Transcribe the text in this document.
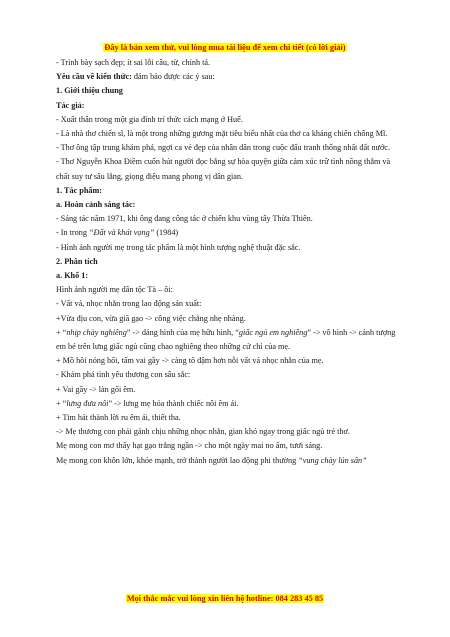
Đây là bản xem thử, vui lòng mua tài liệu để xem chi tiết (có lời giải)

- Trình bày sạch đẹp; ít sai lỗi câu, từ, chính tả.

Yêu cầu về kiến thức: đảm bảo được các ý sau:

1. Giới thiệu chung

Tác giả:

- Xuất thân trong một gia đình trí thức cách mạng ở Huế.

- Là nhà thơ chiến sĩ, là một trong những gương mặt tiêu biểu nhất của thơ ca kháng chiến chống Mĩ.

- Thơ ông tập trung khám phá, ngợi ca vẻ đẹp của nhân dân trong cuộc đấu tranh thống nhất đất nước.

- Thơ Nguyễn Khoa Điềm cuốn hút người đọc bằng sự hòa quyện giữa cảm xúc trữ tình nồng thắm và chất suy tư sâu lắng, giọng điệu mang phong vị dân gian.

1. Tác phẩm:

a. Hoàn cảnh sáng tác:

- Sáng tác năm 1971, khi ông đang công tác ở chiến khu vùng tây Thừa Thiên.

- In trong “Đất và khát vọng” (1984)

- Hình ảnh người mẹ trong tác phẩm là một hình tượng nghệ thuật đặc sắc.

2. Phân tích

a. Khổ 1:

Hình ảnh người mẹ dân tộc Tà – ôi:

- Vất vả, nhọc nhằn trong lao động sản xuất:

+Vừa địu con, vừa giã gạo -> công việc chẳng nhẹ nhàng.

+ “nhịp chày nghiêng” -> dáng hình của mẹ hữu hình, “giấc ngủ em nghiêng” -> vô hình -> cảnh tượng em bé trên lưng giấc ngủ cũng chao nghiêng theo những cử chỉ của mẹ.

+ Mồ hôi nóng hổi, tấm vai gầy -> càng tô đậm hơn nỗi vất vả nhọc nhằn của mẹ.

- Khám phá tình yêu thương con sâu sắc:

+ Vai gầy -> làn gối êm.

+ “lưng đưa nôi” -> lưng mẹ hóa thành chiếc nôi êm ái.

+ Tim hát thành lời ru êm ái, thiết tha.

-> Mẹ thương con phải gánh chịu những nhọc nhằn, gian khó ngay trong giấc ngủ trẻ thơ.

Mẹ mong con mơ thấy hạt gạo trắng ngần -> cho một ngày mai no ấm, tươi sáng.

Mẹ mong con khôn lớn, khỏe mạnh, trở thành người lao động phi thường “vung chày lún sân”

Mọi thắc mắc vui lòng xin liên hệ hotline: 084 283 45 85
